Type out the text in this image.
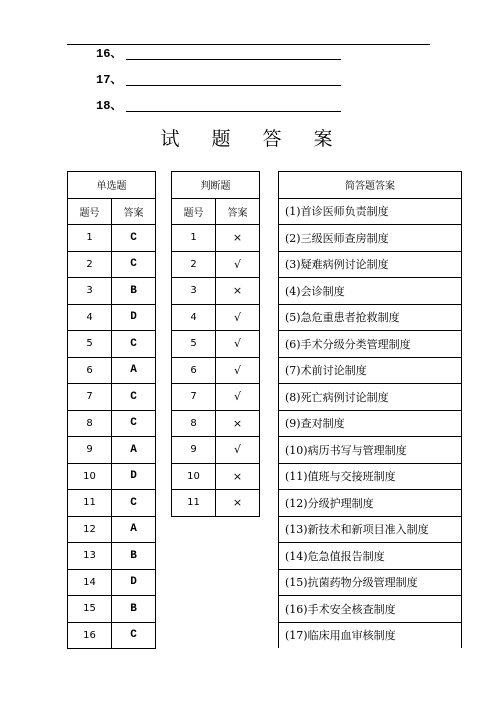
16、
17、
18、
试 题 答 案
单选题	
题号	答案
1	C
2	C
3	B
4	D
5	C
6	A
7	C
8	C
9	A
10	D
11	C
12	A
13	B
14	D
15	B
16	C
判断题	
题号	答案
1	×
2	√
3	×
4	√
5	√
6	√
7	√
8	×
9	√
10	×
11	×
简答题答案
(1)首诊医师负责制度
(2)三级医师查房制度
(3)疑难病例讨论制度
(4)会诊制度
(5)急危重患者抢救制度
(6)手术分级分类管理制度
(7)术前讨论制度
(8)死亡病例讨论制度
(9)查对制度
(10)病历书写与管理制度
(11)值班与交接班制度
(12)分级护理制度
(13)新技术和新项目准入制度
(14)危急值报告制度
(15)抗菌药物分级管理制度
(16)手术安全核查制度
(17)临床用血审核制度
